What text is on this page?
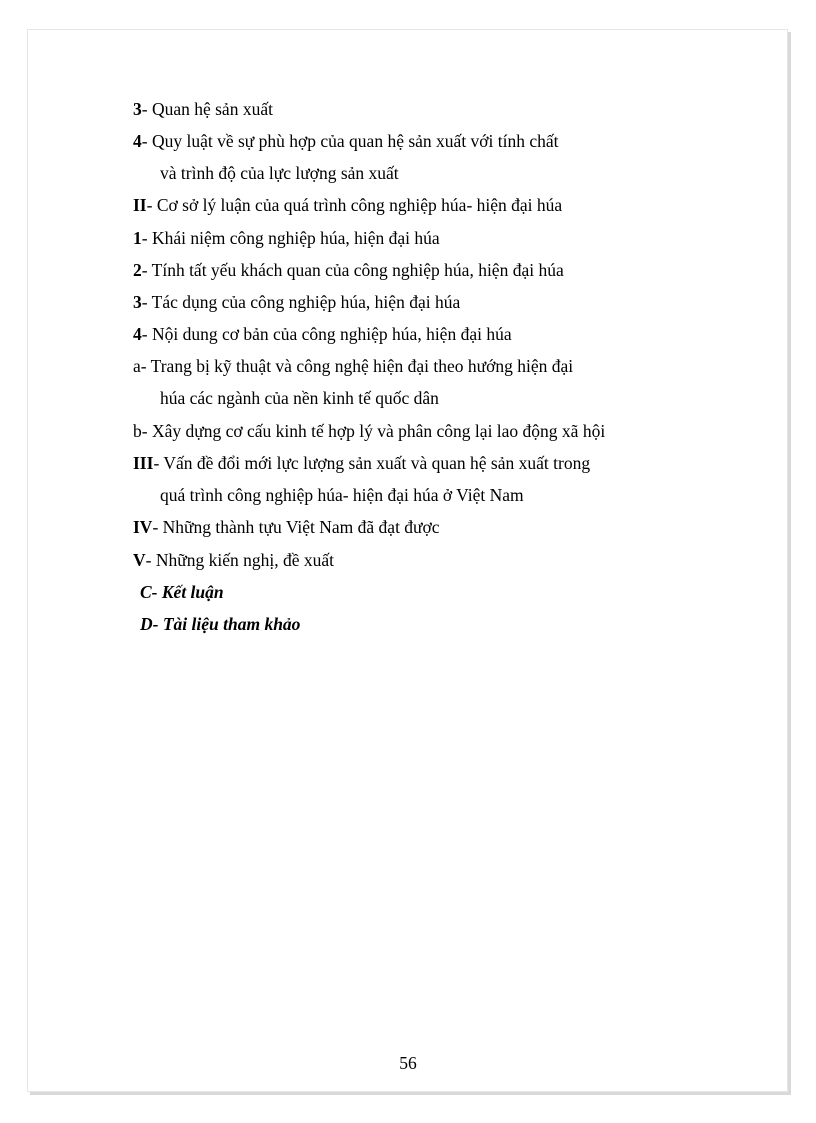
3- Quan hệ sản xuất
4- Quy luật về sự phù hợp của quan hệ sản xuất với tính chất
và trình độ của lực lượng sản xuất
II- Cơ sở lý luận của quá trình công nghiệp húa- hiện đại húa
1- Khái niệm công nghiệp húa, hiện đại húa
2- Tính tất yếu khách quan của công nghiệp húa, hiện đại húa
3- Tác dụng của công nghiệp húa, hiện đại húa
4- Nội dung cơ bản của công nghiệp húa, hiện đại húa
a- Trang bị kỹ thuật và công nghệ hiện đại theo hướng hiện đại
húa các ngành của nền kinh tế quốc dân
b- Xây dựng cơ cấu kinh tế hợp lý và phân công lại lao động xã hội
III- Vấn đề đổi mới lực lượng sản xuất và quan hệ sản xuất trong
quá trình công nghiệp húa- hiện đại húa ở Việt Nam
IV- Những thành tựu Việt Nam đã đạt được
V- Những kiến nghị, đề xuất
C- Kết luận
D- Tài liệu tham khảo
56
